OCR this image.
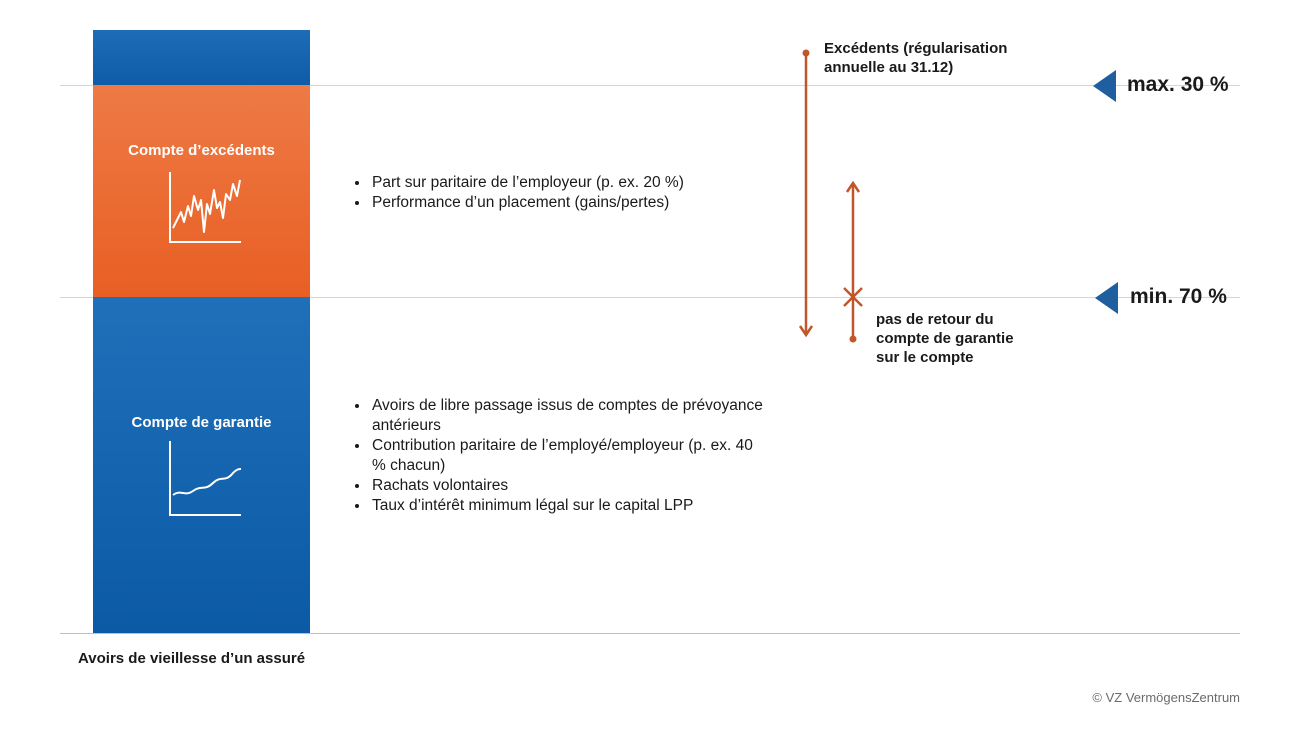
Compte d’excédents
Compte de garantie
• Part sur paritaire de l’employeur (p. ex. 20 %)
• Performance d’un placement (gains/pertes)
• Avoirs de libre passage issus de comptes de prévoyance antérieurs
• Contribution paritaire de l’employé/employeur (p. ex. 40 % chacun)
• Rachats volontaires
• Taux d’intérêt minimum légal sur le capital LPP
Excédents (régularisation
annuelle au 31.12)
pas de retour du
compte de garantie
sur le compte
max. 30 %
min. 70 %
Avoirs de vieillesse d’un assuré
© VZ VermögensZentrum
